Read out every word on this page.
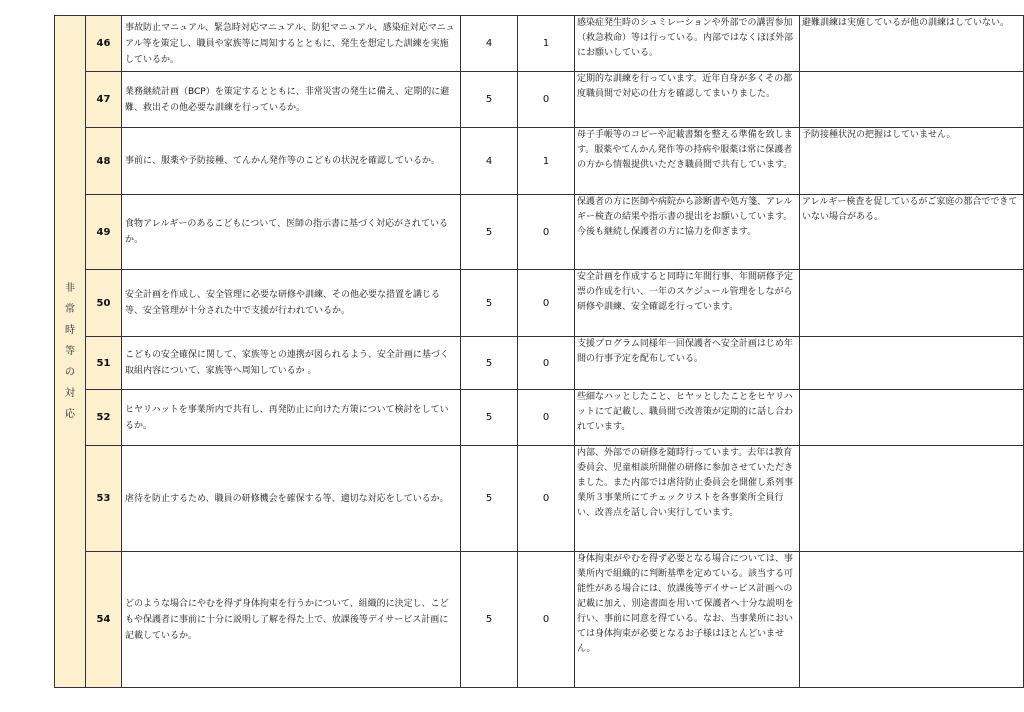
非常時等の対応	46	事故防止マニュアル、緊急時対応マニュアル、防犯マニュアル、感染症対応マニュアル等を策定し、職員や家族等に周知するとともに、発生を想定した訓練を実施しているか。	4	1	感染症発生時のシュミレーションや外部での講習参加（救急救命）等は行っている。内部ではなくほぼ外部にお願いしている。	避難訓練は実施しているが他の訓練はしていない。
	47	業務継続計画（BCP）を策定するとともに、非常災害の発生に備え、定期的に避難、救出その他必要な訓練を行っているか。	5	0	定期的な訓練を行っています。近年自身が多くその都度職員間で対応の仕方を確認してまいりました。	
	48	事前に、服薬や予防接種、てんかん発作等のこどもの状況を確認しているか。	4	1	母子手帳等のコピーや記載書類を整える準備を致します。服薬やてんかん発作等の持病や服薬は常に保護者の方から情報提供いただき職員間で共有しています。	予防接種状況の把握はしていません。
	49	食物アレルギーのあるこどもについて、医師の指示書に基づく対応がされているか。	5	0	保護者の方に医師や病院から診断書や処方箋、アレルギー検査の結果や指示書の提出をお願いしています。今後も継続し保護者の方に協力を仰ぎます。	アレルギー検査を促しているがご家庭の都合でできていない場合がある。
	50	安全計画を作成し、安全管理に必要な研修や訓練、その他必要な措置を講じる等、安全管理が十分された中で支援が行われているか。	5	0	安全計画を作成すると同時に年間行事、年間研修予定票の作成を行い、一年のスケジュール管理をしながら研修や訓練、安全確認を行っています。	
	51	こどもの安全確保に関して、家族等との連携が図られるよう、安全計画に基づく取組内容について、家族等へ周知しているか 。	5	0	支援プログラム同様年一回保護者へ安全計画はじめ年間の行事予定を配布している。	
	52	ヒヤリハットを事業所内で共有し、再発防止に向けた方策について検討をしているか。	5	0	些細なハッとしたこと、ヒヤッとしたことをヒヤリハットにて記載し、職員間で改善策が定期的に話し合われています。	
	53	虐待を防止するため、職員の研修機会を確保する等、適切な対応をしているか。	5	0	内部、外部での研修を随時行っています。去年は教育委員会、児童相談所開催の研修に参加させていただきました。また内部では虐待防止委員会を開催し系列事業所３事業所にてチェックリストを各事業所全員行い、改善点を話し合い実行しています。	
	54	どのような場合にやむを得ず身体拘束を行うかについて、組織的に決定し、こどもや保護者に事前に十分に説明し了解を得た上で、放課後等デイサービス計画に記載しているか。	5	0	身体拘束がやむを得ず必要となる場合については、事業所内で組織的に判断基準を定めている。該当する可能性がある場合には、放課後等デイサービス計画への記載に加え、別途書面を用いて保護者へ十分な説明を行い、事前に同意を得ている。なお、当事業所においては身体拘束が必要となるお子様はほとんどいません。	
